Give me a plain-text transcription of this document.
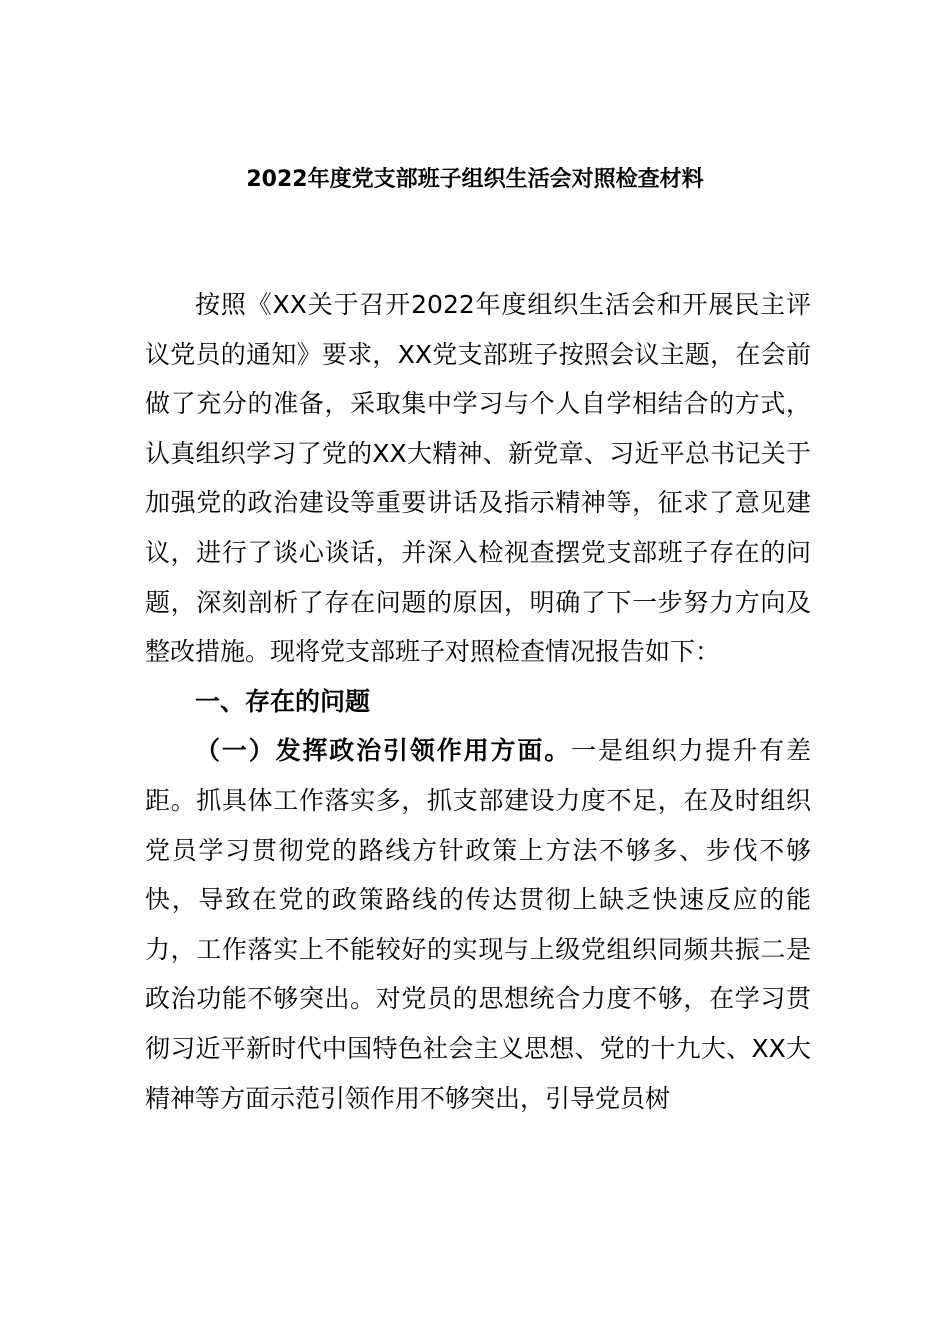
2022年度党支部班子组织生活会对照检查材料

按照《XX关于召开2022年度组织生活会和开展民主评议党员的通知》要求，XX党支部班子按照会议主题，在会前做了充分的准备，采取集中学习与个人自学相结合的方式，认真组织学习了党的XX大精神、新党章、习近平总书记关于加强党的政治建设等重要讲话及指示精神等，征求了意见建议，进行了谈心谈话，并深入检视查摆党支部班子存在的问题，深刻剖析了存在问题的原因，明确了下一步努力方向及整改措施。现将党支部班子对照检查情况报告如下：

一、存在的问题

（一）发挥政治引领作用方面。一是组织力提升有差距。抓具体工作落实多，抓支部建设力度不足，在及时组织党员学习贯彻党的路线方针政策上方法不够多、步伐不够快，导致在党的政策路线的传达贯彻上缺乏快速反应的能力，工作落实上不能较好的实现与上级党组织同频共振二是政治功能不够突出。对党员的思想统合力度不够，在学习贯彻习近平新时代中国特色社会主义思想、党的十九大、XX大精神等方面示范引领作用不够突出，引导党员树
